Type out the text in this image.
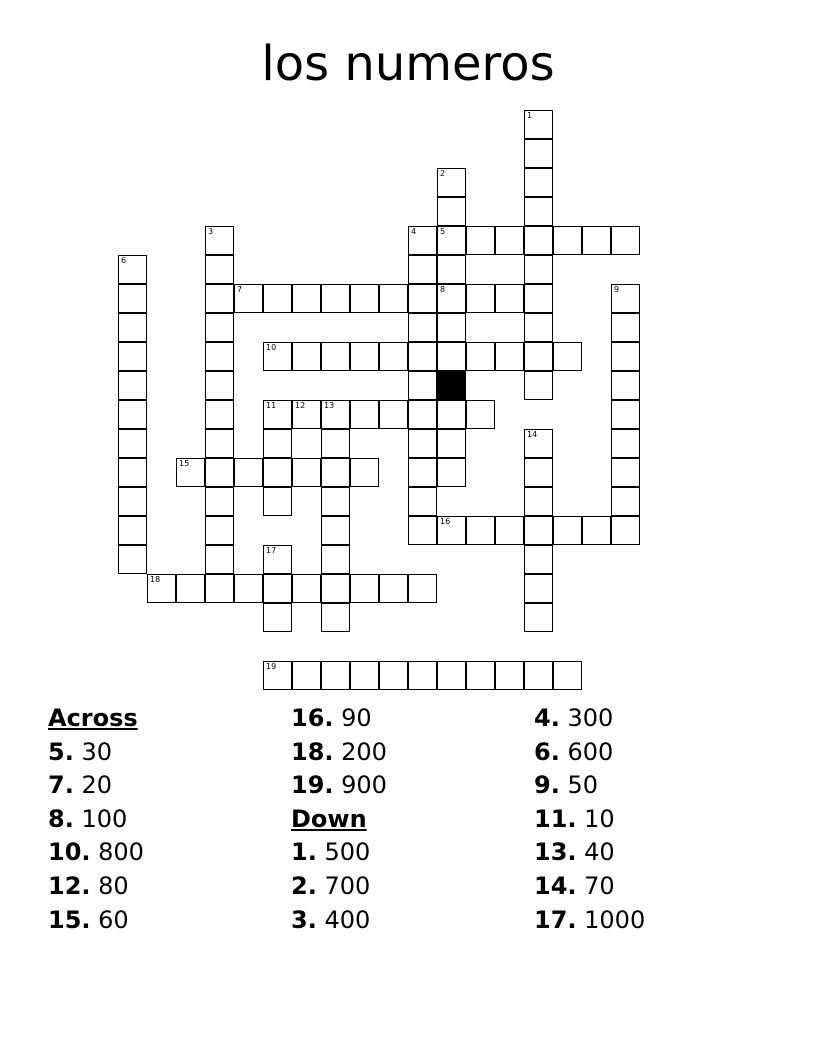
los numeros
1
2
5
8
3	4
6
7	9
10
11 12 13
14
15
16
17
18
19
Across
5. 30
7. 20
8. 100
10. 800
12. 80
15. 60
16. 90
18. 200
19. 900
Down
1. 500
2. 700
3. 400
4. 300
6. 600
9. 50
11. 10
13. 40
14. 70
17. 1000
